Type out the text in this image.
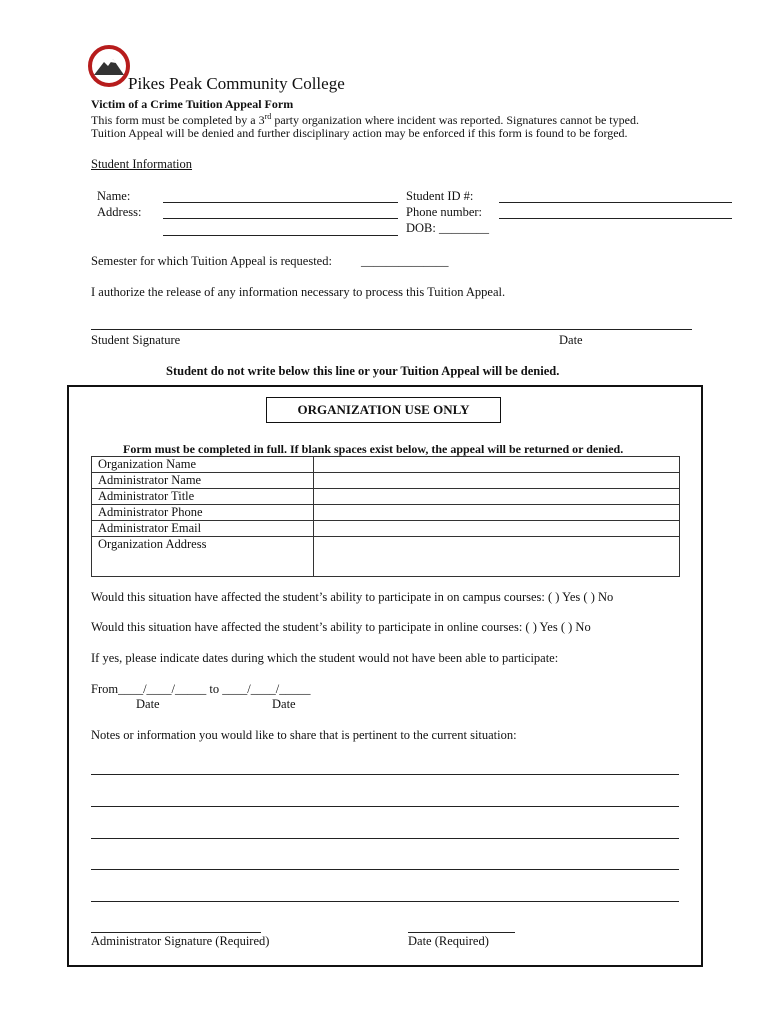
Pikes Peak Community College
Victim of a Crime Tuition Appeal Form
This form must be completed by a 3rd party organization where incident was reported. Signatures cannot be typed.
Tuition Appeal will be denied and further disciplinary action may be enforced if this form is found to be forged.
Student Information
Name:
Address:
Student ID #:
Phone number:
DOB: ________
Semester for which Tuition Appeal is requested: ______________
I authorize the release of any information necessary to process this Tuition Appeal.
Student Signature	Date
Student do not write below this line or your Tuition Appeal will be denied.
ORGANIZATION USE ONLY
Form must be completed in full. If blank spaces exist below, the appeal will be returned or denied.
Organization Name	
Administrator Name	
Administrator Title	
Administrator Phone	
Administrator Email	
Organization Address	
Would this situation have affected the student’s ability to participate in on campus courses: ( ) Yes ( ) No
Would this situation have affected the student’s ability to participate in online courses: ( ) Yes ( ) No
If yes, please indicate dates during which the student would not have been able to participate:
From____/____/_____ to ____/____/_____
Date	Date
Notes or information you would like to share that is pertinent to the current situation:
Administrator Signature (Required)	Date (Required)
